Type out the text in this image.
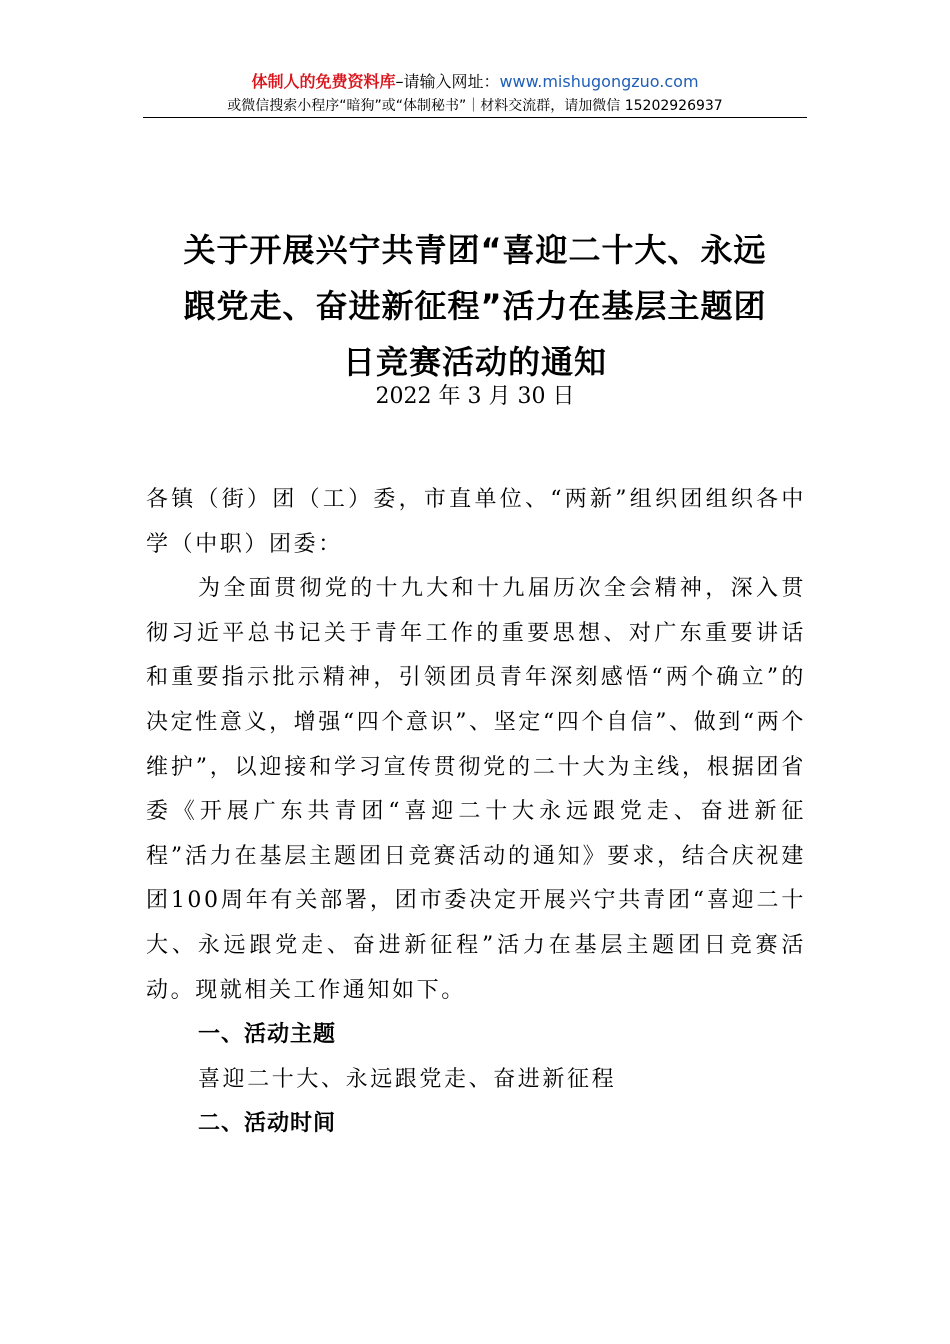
体制人的免费资料库–请输入网址：www.mishugongzuo.com
或微信搜索小程序“暗狗”或“体制秘书”｜材料交流群，请加微信 15202926937
关于开展兴宁共青团“喜迎二十大、永远
跟党走、奋进新征程”活力在基层主题团
日竞赛活动的通知
2022 年 3 月 30 日

各镇（街）团（工）委，市直单位、“两新”组织团组织各中学（中职）团委：

为全面贯彻党的十九大和十九届历次全会精神，深入贯彻习近平总书记关于青年工作的重要思想、对广东重要讲话和重要指示批示精神，引领团员青年深刻感悟“两个确立”的决定性意义，增强“四个意识”、坚定“四个自信”、做到“两个维护”，以迎接和学习宣传贯彻党的二十大为主线，根据团省委《开展广东共青团“喜迎二十大永远跟党走、奋进新征程”活力在基层主题团日竞赛活动的通知》要求，结合庆祝建团100周年有关部署，团市委决定开展兴宁共青团“喜迎二十大、永远跟党走、奋进新征程”活力在基层主题团日竞赛活动。现就相关工作通知如下。

一、活动主题

喜迎二十大、永远跟党走、奋进新征程

二、活动时间
